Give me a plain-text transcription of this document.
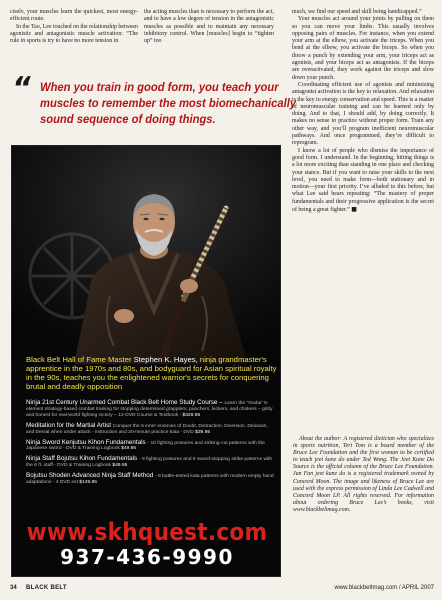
ciselv, your muscles learn the quickest, most energy-efficient route.

In the Tao, Lee touched on the relationship between agonistic and antagonistic muscle activation: “The rule in sports is try to have no more tension in

the acting muscles than is necessary to perform the act, and to have a low degree of tension in the antagonistic muscles as possible and to maintain any necessary inhibitory control. When [muscles] begin to “tighten up” too

“ When you train in good form, you teach your
muscles to remember the most biomechanically
sound sequence of doing things.
Black Belt Hall of Fame Master Stephen K. Hayes, ninja grandmaster's apprentice in the 1970s and 80s, and bodyguard for Asian spiritual royalty in the 90s, teaches you the enlightened warrior's secrets for conquering brutal and deadly opposition
Ninja 21st Century Unarmed Combat Black Belt Home Study Course – Learn the “Godai” 5-element strategy-based combat training for stopping determined grapplers, punchers, kickers, and chokers – gritty and honest for real-world fighting victory – 12-DVD Course & Textbook - $329.95
Meditation for the Martial Artist Conquer the 5 inner enemies of Doubt, Distraction, Diversion, Delusion, and Denial when under attack - instruction and 20-minute practice kata - DVD $39.95
Ninja Sword Kenjutsu Kihon Fundamentals - 10 fighting postures and striking-cut patterns with the Japanese sword - DVD & Training Logbook $49.95
Ninja Staff Bojutsu Kihon Fundamentals - 9 fighting postures and 9 sword-stopping strike patterns with the 6 ft. staff - DVD & Training Logbook $49.95
Bojutsu Shoden Advanced Ninja Staff Method - 9 battle-tested kata patterns with modern empty hand adaptations - 4 DVD set $149.95
www.skhquest.com
937-436-9990

much, we find our speed and skill being handicapped.”

Your muscles act around your joints by pulling on them so you can move your limbs. This usually involves opposing pairs of muscles. For instance, when you extend your arm at the elbow, you activate the triceps. When you bend at the elbow, you activate the biceps. So when you throw a punch by extending your arm, your triceps act as agonists, and your biceps act as antagonists. If the biceps are overactivated, they work against the triceps and slow down your punch.

Coordinating efficient use of agonists and minimizing antagonist activation is the key to relaxation. And relaxation is the key to energy conservation and speed. This is a matter of neuromuscular training and can be learned only by doing. And to that, I should add, by doing correctly. It makes no sense to practice without proper form. Train any other way, and you’ll program inefficient neuromuscular pathways. And once programmed, they’re difficult to reprogram.

I know a lot of people who dismiss the importance of good form. I understand. In the beginning, hitting things is a lot more exciting than standing in one place and checking your stance. But if you want to raise your skills to the next level, you need to make form—both stationary and in motion—your first priority. I’ve alluded to this before, but what Lee said bears repeating: “The mastery of proper fundamentals and their progressive application is the secret of being a great fighter.” ■

About the author: A registered dietician who specializes in sports nutrition, Teri Tom is a board member of the Bruce Lee Foundation and the first woman to be certified to teach jeet kune do under Ted Wong. The Jeet Kune Do Source is the official column of the Bruce Lee Foundation. Jun Fan jeet kune do is a registered trademark owned by Concord Moon. The image and likeness of Bruce Lee are used with the express permission of Linda Lee Cadwell and Concord Moon LP. All rights reserved. For information about ordering Bruce Lee’s books, visit www.blackbeltmag.com.

34 BLACK BELT	www.blackbeltmag.com / APRIL 2007
